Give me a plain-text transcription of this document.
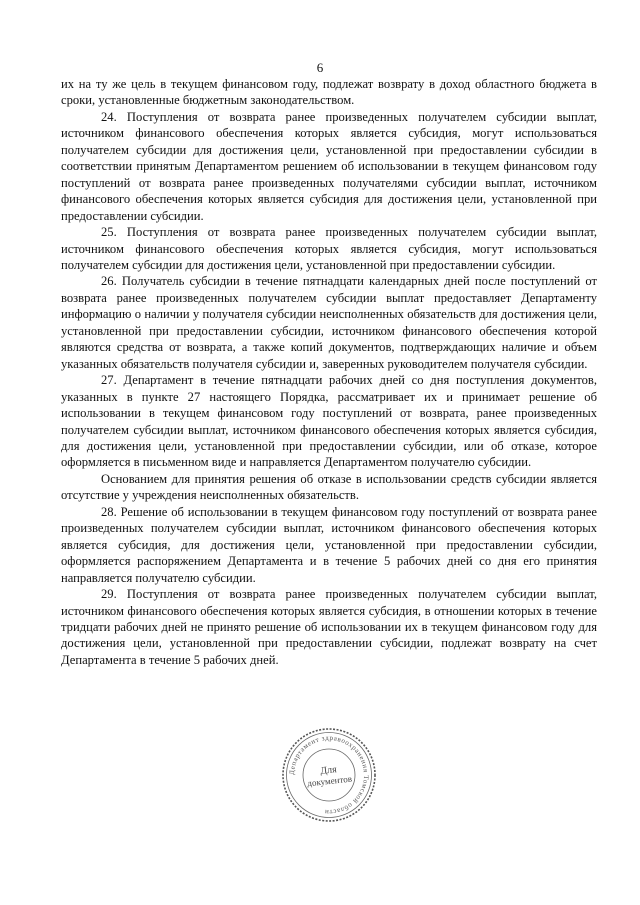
6

их на ту же цель в текущем финансовом году, подлежат возврату в доход областного бюджета в сроки, установленные бюджетным законодательством.

24. Поступления от возврата ранее произведенных получателем субсидии выплат, источником финансового обеспечения которых является субсидия, могут использоваться получателем субсидии для достижения цели, установленной при предоставлении субсидии в соответствии принятым Департаментом решением об использовании в текущем финансовом году поступлений от возврата ранее произведенных получателями субсидии выплат, источником финансового обеспечения которых является субсидия для достижения цели, установленной при предоставлении субсидии.

25. Поступления от возврата ранее произведенных получателем субсидии выплат, источником финансового обеспечения которых является субсидия, могут использоваться получателем субсидии для достижения цели, установленной при предоставлении субсидии.

26. Получатель субсидии в течение пятнадцати календарных дней после поступлений от возврата ранее произведенных получателем субсидии выплат предоставляет Департаменту информацию о наличии у получателя субсидии неисполненных обязательств для достижения цели, установленной при предоставлении субсидии, источником финансового обеспечения которой являются средства от возврата, а также копий документов, подтверждающих наличие и объем указанных обязательств получателя субсидии и, заверенных руководителем получателя субсидии.

27. Департамент в течение пятнадцати рабочих дней со дня поступления документов, указанных в пункте 27 настоящего Порядка, рассматривает их и принимает решение об использовании в текущем финансовом году поступлений от возврата, ранее произведенных получателем субсидии выплат, источником финансового обеспечения которых является субсидия, для достижения цели, установленной при предоставлении субсидии, или об отказе, которое оформляется в письменном виде и направляется Департаментом получателю субсидии.

Основанием для принятия решения об отказе в использовании средств субсидии является отсутствие у учреждения неисполненных обязательств.

28. Решение об использовании в текущем финансовом году поступлений от возврата ранее произведенных получателем субсидии выплат, источником финансового обеспечения которых является субсидия, для достижения цели, установленной при предоставлении субсидии, оформляется распоряжением Департамента и в течение 5 рабочих дней со дня его принятия направляется получателю субсидии.

29. Поступления от возврата ранее произведенных получателем субсидии выплат, источником финансового обеспечения которых является субсидия, в отношении которых в течение тридцати рабочих дней не принято решение об использовании их в текущем финансовом году для достижения цели, установленной при предоставлении субсидии, подлежат возврату на счет Департамента в течение 5 рабочих дней.

Департамент здравоохранения Томской области
Для
документов
